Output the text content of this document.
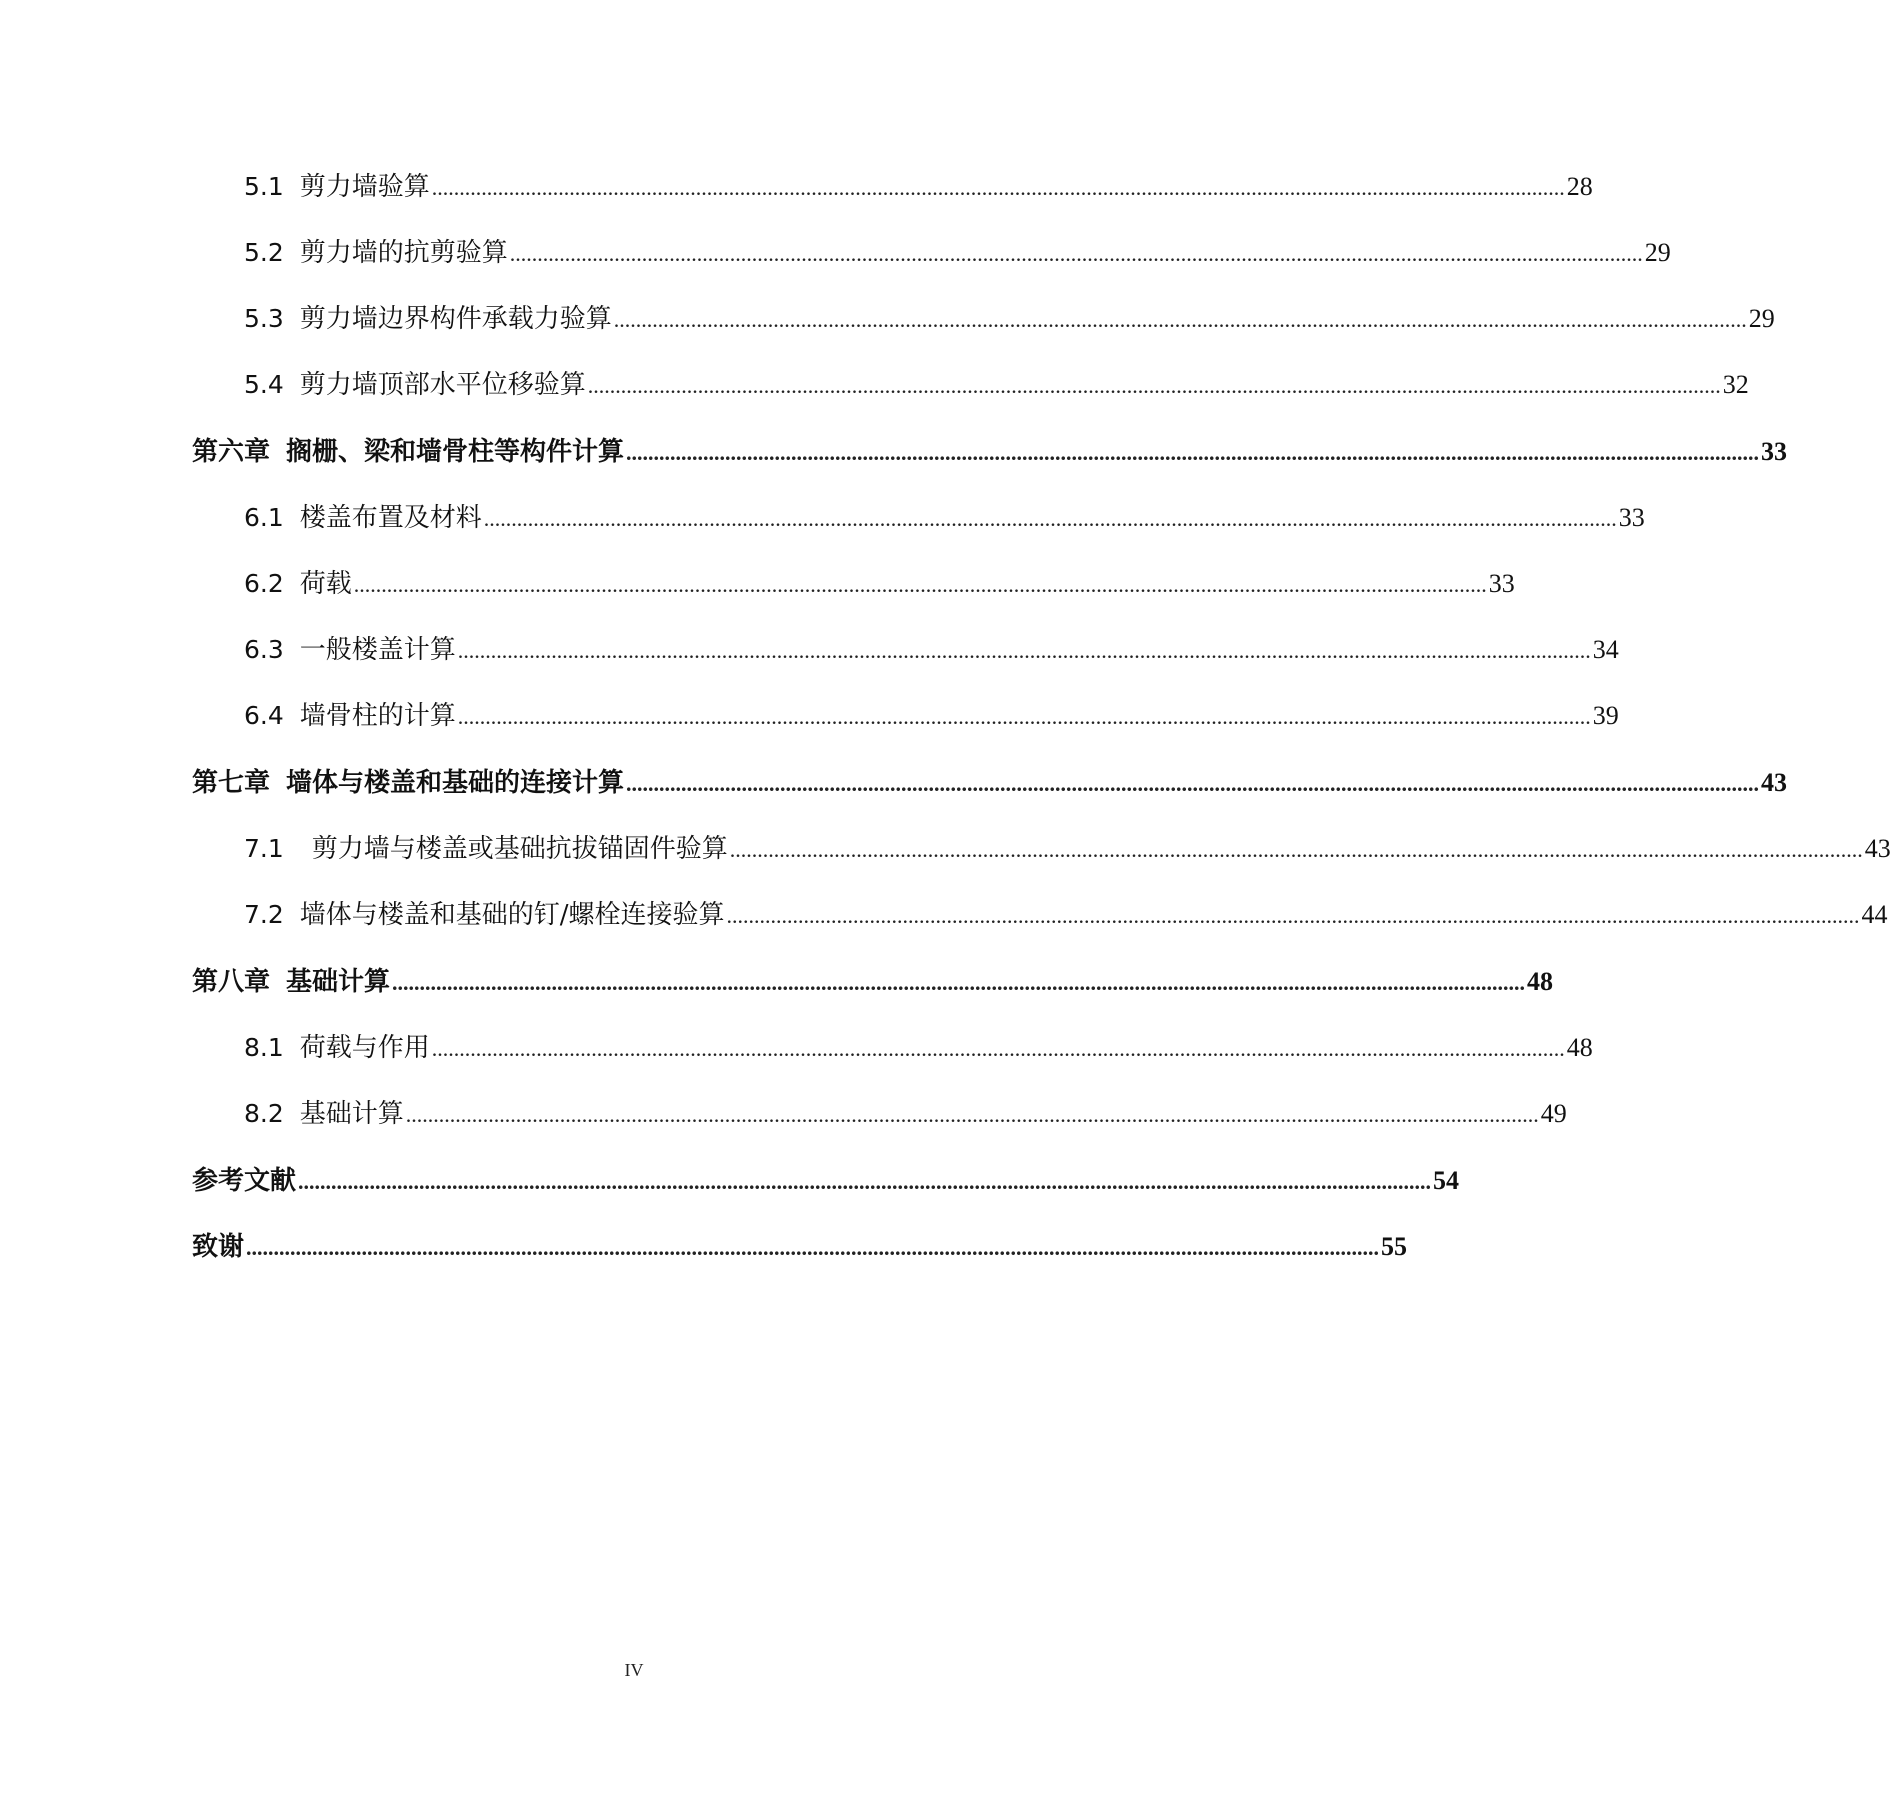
5.1 剪力墙验算 .............................................................................................................................................................................................................. 28
5.2 剪力墙的抗剪验算 .............................................................................................................................................................................................................. 29
5.3 剪力墙边界构件承载力验算 .............................................................................................................................................................................................................. 29
5.4 剪力墙顶部水平位移验算 .............................................................................................................................................................................................................. 32
第六章 搁栅、梁和墙骨柱等构件计算 .............................................................................................................................................................................................................. 33
6.1 楼盖布置及材料 .............................................................................................................................................................................................................. 33
6.2 荷载 .............................................................................................................................................................................................................. 33
6.3 一般楼盖计算 .............................................................................................................................................................................................................. 34
6.4 墙骨柱的计算 .............................................................................................................................................................................................................. 39
第七章 墙体与楼盖和基础的连接计算 .............................................................................................................................................................................................................. 43
7.1 剪力墙与楼盖或基础抗拔锚固件验算 .............................................................................................................................................................................................................. 43
7.2 墙体与楼盖和基础的钉/螺栓连接验算 .............................................................................................................................................................................................................. 44
第八章 基础计算 .............................................................................................................................................................................................................. 48
8.1 荷载与作用 .............................................................................................................................................................................................................. 48
8.2 基础计算 .............................................................................................................................................................................................................. 49
参考文献 .............................................................................................................................................................................................................. 54
致谢 .............................................................................................................................................................................................................. 55
IV
